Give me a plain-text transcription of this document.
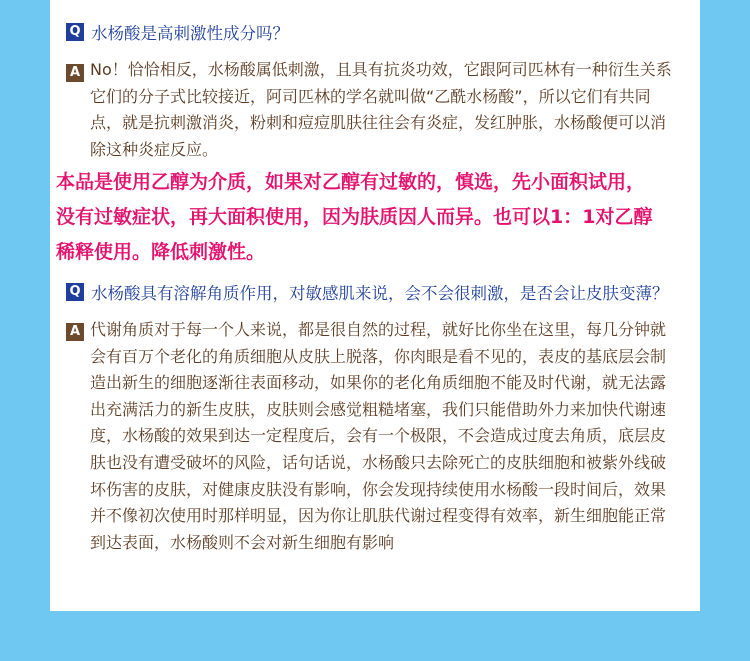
Q 水杨酸是高刺激性成分吗？
A No！恰恰相反，水杨酸属低刺激，且具有抗炎功效，它跟阿司匹林有一种衍生关系
它们的分子式比较接近，阿司匹林的学名就叫做“乙酰水杨酸”，所以它们有共同
点，就是抗刺激消炎，粉刺和痘痘肌肤往往会有炎症，发红肿胀，水杨酸便可以消
除这种炎症反应。
本品是使用乙醇为介质，如果对乙醇有过敏的，慎选，先小面积试用，
没有过敏症状，再大面积使用，因为肤质因人而异。也可以1：1对乙醇
稀释使用。降低刺激性。
Q 水杨酸具有溶解角质作用，对敏感肌来说，会不会很刺激，是否会让皮肤变薄？
A 代谢角质对于每一个人来说，都是很自然的过程，就好比你坐在这里，每几分钟就
会有百万个老化的角质细胞从皮肤上脱落，你肉眼是看不见的，表皮的基底层会制
造出新生的细胞逐渐往表面移动，如果你的老化角质细胞不能及时代谢，就无法露
出充满活力的新生皮肤，皮肤则会感觉粗糙堵塞，我们只能借助外力来加快代谢速
度，水杨酸的效果到达一定程度后，会有一个极限，不会造成过度去角质，底层皮
肤也没有遭受破坏的风险，话句话说，水杨酸只去除死亡的皮肤细胞和被紫外线破
坏伤害的皮肤，对健康皮肤没有影响，你会发现持续使用水杨酸一段时间后，效果
并不像初次使用时那样明显，因为你让肌肤代谢过程变得有效率，新生细胞能正常
到达表面，水杨酸则不会对新生细胞有影响
